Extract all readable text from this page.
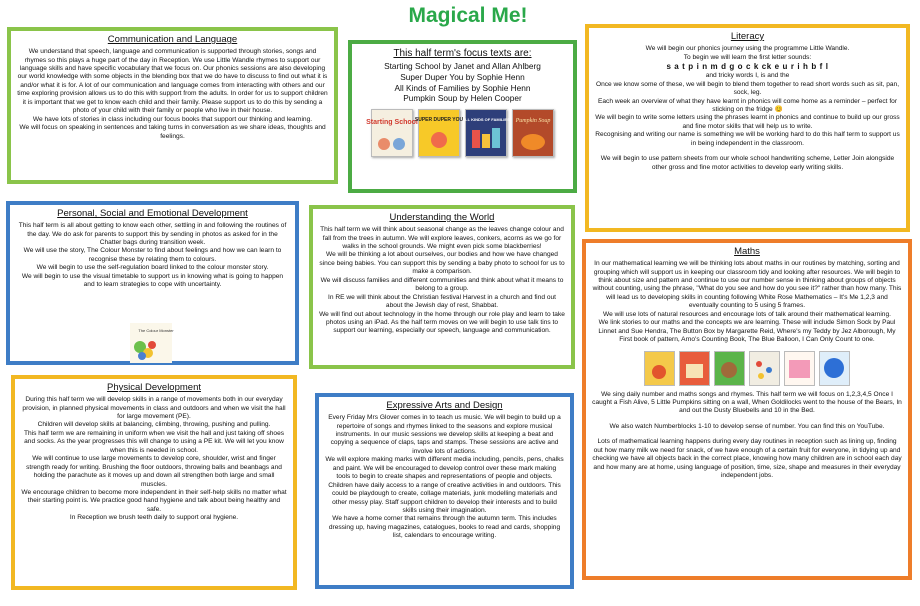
Magical Me!
Communication and Language

We understand that speech, language and communication is supported through stories, songs and rhymes so this plays a huge part of the day in Reception. We use Little Wandle rhymes to support our language skills and have specific vocabulary that we focus on. Our phonics sessions are also developing our world knowledge with some objects in the blending box that we do have to discuss to find out what it is and/or what it is for. A lot of our communication and language comes from interacting with others and our time exploring provision allows us to do this with support from the adults. In order for us to support children it is important that we get to know each child and their family. Please support us to do this by sending a photo of your child with their family or people who live in their house.

We have lots of stories in class including our focus books that support our thinking and learning.

We will focus on speaking in sentences and taking turns in conversation as we share ideas, thoughts and feelings.

This half term's focus texts are:

Starting School by Janet and Allan Ahlberg

Super Duper You by Sophie Henn

All Kinds of Families by Sophie Henn

Pumpkin Soup by Helen Cooper

Starting School
SUPER DUPER YOU ALL KINDS OF FAMILIES Pumpkin Soup
Literacy

We will begin our phonics journey using the programme Little Wandle.

To begin we will learn the first letter sounds:

s a t p i n m d g o c k ck e u r i h b f l

and tricky words I, is and the

Once we know some of these, we will begin to blend them together to read short words such as sit, pan, sock, leg.

Each week an overview of what they have learnt in phonics will come home as a reminder – perfect for sticking on the fridge 😊

We will begin to write some letters using the phrases learnt in phonics and continue to build up our gross and fine motor skills that will help us to write.

Recognising and writing our name is something we will be working hard to do this half term to support us in being independent in the classroom.

We will begin to use pattern sheets from our whole school handwriting scheme, Letter Join alongside other gross and fine motor activities to develop early writing skills.

Personal, Social and Emotional Development

This half term is all about getting to know each other, settling in and following the routines of the day. We do ask for parents to support this by sending in photos as asked for in the Chatter bags during transition week.

We will use the story, The Colour Monster to find about feelings and how we can learn to recognise these by relating them to colours.

We will begin to use the self-regulation board linked to the colour monster story.

We will begin to use the visual timetable to support us in knowing what is going to happen and to learn strategies to cope with uncertainty.

The Colour Monster
Understanding the World

This half term we will think about seasonal change as the leaves change colour and fall from the trees in autumn. We will explore leaves, conkers, acorns as we go for walks in the school grounds. We might even pick some blackberries!

We will be thinking a lot about ourselves, our bodies and how we have changed since being babies. You can support this by sending a baby photo to school for us to make a comparison.

We will discuss families and different communities and think about what it means to belong to a group.

In RE we will think about the Christian festival Harvest in a church and find out about the Jewish day of rest, Shabbat.

We will find out about technology in the home through our role play and learn to take photos using an iPad. As the half term moves on we will begin to use talk tins to support our learning, especially our speech, language and communication.

Maths

In our mathematical learning we will be thinking lots about maths in our routines by matching, sorting and grouping which will support us in keeping our classroom tidy and looking after resources. We will begin to think about size and pattern and continue to use our number sense in thinking about groups of objects without counting, using the phrase, "What do you see and how do you see it?" rather than how many. This will lead us to developing skills in counting following White Rose Mathematics – It's Me 1,2,3 and eventually counting to 5 using 5 frames.

We will use lots of natural resources and encourage lots of talk around their mathematical learning.

We link stories to our maths and the concepts we are learning. These will include Simon Sock by Paul Linnet and Sue Hendra, The Button Box by Margarette Reid, Where's my Teddy by Jez Alborough, My First book of pattern, Arno's Counting Book, The Blue Balloon, I Can Only Count to one.

We sing daily number and maths songs and rhymes. This half term we will focus on 1,2,3,4,5 Once I caught a Fish Alive, 5 Little Pumpkins sitting on a wall, When Goldilocks went to the house of the Bears, In and out the Dusty Bluebells and 10 in the Bed.

We also watch Numberblocks 1-10 to develop sense of number. You can find this on YouTube.

Lots of mathematical learning happens during every day routines in reception such as lining up, finding out how many milk we need for snack, of we have enough of a certain fruit for everyone, in tidying up and checking we have all objects back in the correct place, knowing how many children are in school each day and how many are at home, using language of position, time, size, shape and measures in their everyday independent jobs.

Physical Development

During this half term we will develop skills in a range of movements both in our everyday provision, in planned physical movements in class and outdoors and when we visit the hall for large movement (PE).

Children will develop skills at balancing, climbing, throwing, pushing and pulling.

This half term we are remaining in uniform when we visit the hall and just taking off shoes and socks. As the year progresses this will change to using a PE kit. We will let you know when this is needed in school.

We will continue to use large movements to develop core, shoulder, wrist and finger strength ready for writing. Brushing the floor outdoors, throwing balls and beanbags and holding the parachute as it moves up and down all strengthen both large and small muscles.

We encourage children to become more independent in their self-help skills no matter what their starting point is. We practice good hand hygiene and talk about being healthy and safe.

In Reception we brush teeth daily to support oral hygiene.

Expressive Arts and Design

Every Friday Mrs Glover comes in to teach us music. We will begin to build up a repertoire of songs and rhymes linked to the seasons and explore musical instruments. In our music sessions we develop skills at keeping a beat and copying a sequence of claps, taps and stamps. These sessions are active and involve lots of actions.

We will explore making marks with different media including, pencils, pens, chalks and paint. We will be encouraged to develop control over these mark making tools to begin to create shapes and representations of people and objects.

Children have daily access to a range of creative activities in and outdoors. This could be playdough to create, collage materials, junk modelling materials and other messy play. Staff support children to develop their interests and to build skills using their imagination.

We have a home corner that remains through the autumn term. This includes dressing up, having magazines, catalogues, books to read and cards, shopping list, calendars to encourage writing.
